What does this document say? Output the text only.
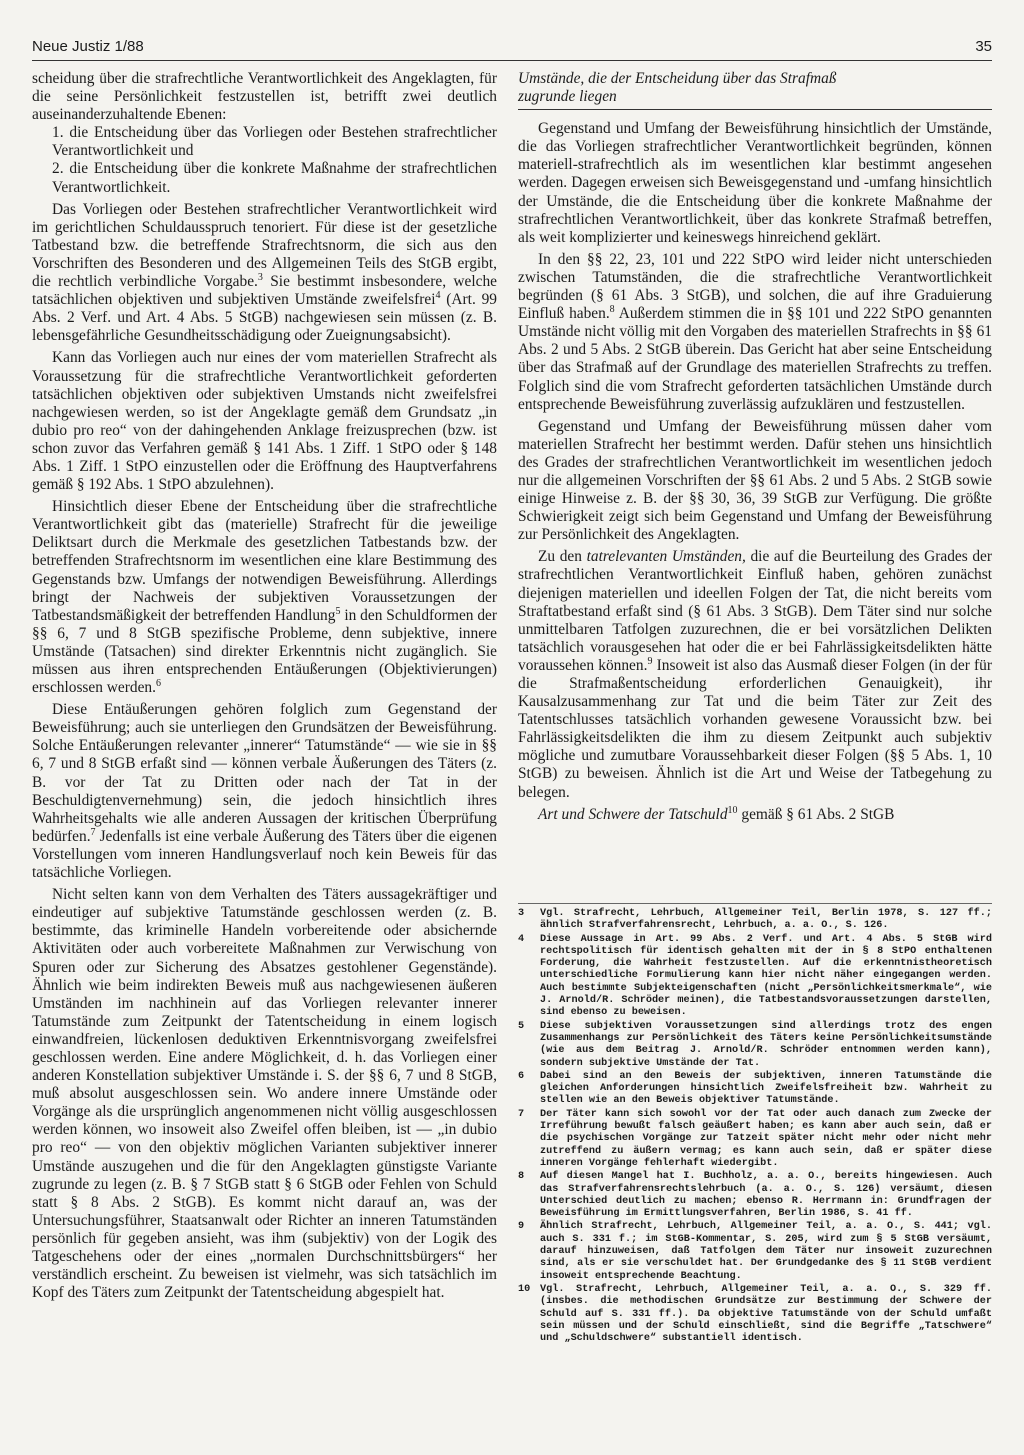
Neue Justiz 1/88	35

scheidung über die strafrechtliche Verantwortlichkeit des Angeklagten, für die seine Persönlichkeit festzustellen ist, betrifft zwei deutlich auseinanderzuhaltende Ebenen:

1. die Entscheidung über das Vorliegen oder Bestehen strafrechtlicher Verantwortlichkeit und

2. die Entscheidung über die konkrete Maßnahme der strafrechtlichen Verantwortlichkeit.

Das Vorliegen oder Bestehen strafrechtlicher Verantwortlichkeit wird im gerichtlichen Schuldausspruch tenoriert. Für diese ist der gesetzliche Tatbestand bzw. die betreffende Strafrechtsnorm, die sich aus den Vorschriften des Besonderen und des Allgemeinen Teils des StGB ergibt, die rechtlich verbindliche Vorgabe.$^3$ Sie bestimmt insbesondere, welche tatsächlichen objektiven und subjektiven Umstände zweifelsfrei$^4$ (Art. 99 Abs. 2 Verf. und Art. 4 Abs. 5 StGB) nachgewiesen sein müssen (z. B. lebensgefährliche Gesundheitsschädigung oder Zueignungsabsicht).

Kann das Vorliegen auch nur eines der vom materiellen Strafrecht als Voraussetzung für die strafrechtliche Verantwortlichkeit geforderten tatsächlichen objektiven oder subjektiven Umstands nicht zweifelsfrei nachgewiesen werden, so ist der Angeklagte gemäß dem Grundsatz „in dubio pro reo“ von der dahingehenden Anklage freizusprechen (bzw. ist schon zuvor das Verfahren gemäß § 141 Abs. 1 Ziff. 1 StPO oder § 148 Abs. 1 Ziff. 1 StPO einzustellen oder die Eröffnung des Hauptverfahrens gemäß § 192 Abs. 1 StPO abzulehnen).

Hinsichtlich dieser Ebene der Entscheidung über die strafrechtliche Verantwortlichkeit gibt das (materielle) Strafrecht für die jeweilige Deliktsart durch die Merkmale des gesetzlichen Tatbestands bzw. der betreffenden Strafrechtsnorm im wesentlichen eine klare Bestimmung des Gegenstands bzw. Umfangs der notwendigen Beweisführung. Allerdings bringt der Nachweis der subjektiven Voraussetzungen der Tatbestandsmäßigkeit der betreffenden Handlung$^5$ in den Schuldformen der §§ 6, 7 und 8 StGB spezifische Probleme, denn subjektive, innere Umstände (Tatsachen) sind direkter Erkenntnis nicht zugänglich. Sie müssen aus ihren entsprechenden Entäußerungen (Objektivierungen) erschlossen werden.$^6$

Diese Entäußerungen gehören folglich zum Gegenstand der Beweisführung; auch sie unterliegen den Grundsätzen der Beweisführung. Solche Entäußerungen relevanter „innerer“ Tatumstände“ — wie sie in §§ 6, 7 und 8 StGB erfaßt sind — können verbale Äußerungen des Täters (z. B. vor der Tat zu Dritten oder nach der Tat in der Beschuldigtenvernehmung) sein, die jedoch hinsichtlich ihres Wahrheitsgehalts wie alle anderen Aussagen der kritischen Überprüfung bedürfen.$^7$ Jedenfalls ist eine verbale Äußerung des Täters über die eigenen Vorstellungen vom inneren Handlungsverlauf noch kein Beweis für das tatsächliche Vorliegen.

Nicht selten kann von dem Verhalten des Täters aussagekräftiger und eindeutiger auf subjektive Tatumstände geschlossen werden (z. B. bestimmte, das kriminelle Handeln vorbereitende oder absichernde Aktivitäten oder auch vorbereitete Maßnahmen zur Verwischung von Spuren oder zur Sicherung des Absatzes gestohlener Gegenstände). Ähnlich wie beim indirekten Beweis muß aus nachgewiesenen äußeren Umständen im nachhinein auf das Vorliegen relevanter innerer Tatumstände zum Zeitpunkt der Tatentscheidung in einem logisch einwandfreien, lückenlosen deduktiven Erkenntnisvorgang zweifelsfrei geschlossen werden. Eine andere Möglichkeit, d. h. das Vorliegen einer anderen Konstellation subjektiver Umstände i. S. der §§ 6, 7 und 8 StGB, muß absolut ausgeschlossen sein. Wo andere innere Umstände oder Vorgänge als die ursprünglich angenommenen nicht völlig ausgeschlossen werden können, wo insoweit also Zweifel offen bleiben, ist — „in dubio pro reo“ — von den objektiv möglichen Varianten subjektiver innerer Umstände auszugehen und die für den Angeklagten günstigste Variante zugrunde zu legen (z. B. § 7 StGB statt § 6 StGB oder Fehlen von Schuld statt § 8 Abs. 2 StGB). Es kommt nicht darauf an, was der Untersuchungsführer, Staatsanwalt oder Richter an inneren Tatumständen persönlich für gegeben ansieht, was ihm (subjektiv) von der Logik des Tatgeschehens oder der eines „normalen Durchschnittsbürgers“ her verständlich erscheint. Zu beweisen ist vielmehr, was sich tatsächlich im Kopf des Täters zum Zeitpunkt der Tatentscheidung abgespielt hat.

Umstände, die der Entscheidung über das Strafmaß
zugrunde liegen

Gegenstand und Umfang der Beweisführung hinsichtlich der Umstände, die das Vorliegen strafrechtlicher Verantwortlichkeit begründen, können materiell-strafrechtlich als im wesentlichen klar bestimmt angesehen werden. Dagegen erweisen sich Beweisgegenstand und -umfang hinsichtlich der Umstände, die die Entscheidung über die konkrete Maßnahme der strafrechtlichen Verantwortlichkeit, über das konkrete Strafmaß betreffen, als weit komplizierter und keineswegs hinreichend geklärt.

In den §§ 22, 23, 101 und 222 StPO wird leider nicht unterschieden zwischen Tatumständen, die die strafrechtliche Verantwortlichkeit begründen (§ 61 Abs. 3 StGB), und solchen, die auf ihre Graduierung Einfluß haben.$^8$ Außerdem stimmen die in §§ 101 und 222 StPO genannten Umstände nicht völlig mit den Vorgaben des materiellen Strafrechts in §§ 61 Abs. 2 und 5 Abs. 2 StGB überein. Das Gericht hat aber seine Entscheidung über das Strafmaß auf der Grundlage des materiellen Strafrechts zu treffen. Folglich sind die vom Strafrecht geforderten tatsächlichen Umstände durch entsprechende Beweisführung zuverlässig aufzuklären und festzustellen.

Gegenstand und Umfang der Beweisführung müssen daher vom materiellen Strafrecht her bestimmt werden. Dafür stehen uns hinsichtlich des Grades der strafrechtlichen Verantwortlichkeit im wesentlichen jedoch nur die allgemeinen Vorschriften der §§ 61 Abs. 2 und 5 Abs. 2 StGB sowie einige Hinweise z. B. der §§ 30, 36, 39 StGB zur Verfügung. Die größte Schwierigkeit zeigt sich beim Gegenstand und Umfang der Beweisführung zur Persönlichkeit des Angeklagten.

Zu den tatrelevanten Umständen, die auf die Beurteilung des Grades der strafrechtlichen Verantwortlichkeit Einfluß haben, gehören zunächst diejenigen materiellen und ideellen Folgen der Tat, die nicht bereits vom Straftatbestand erfaßt sind (§ 61 Abs. 3 StGB). Dem Täter sind nur solche unmittelbaren Tatfolgen zuzurechnen, die er bei vorsätzlichen Delikten tatsächlich vorausgesehen hat oder die er bei Fahrlässigkeitsdelikten hätte voraussehen können.$^9$ Insoweit ist also das Ausmaß dieser Folgen (in der für die Strafmaßentscheidung erforderlichen Genauigkeit), ihr Kausalzusammenhang zur Tat und die beim Täter zur Zeit des Tatentschlusses tatsächlich vorhanden gewesene Voraussicht bzw. bei Fahrlässigkeitsdelikten die ihm zu diesem Zeitpunkt auch subjektiv mögliche und zumutbare Voraussehbarkeit dieser Folgen (§§ 5 Abs. 1, 10 StGB) zu beweisen. Ähnlich ist die Art und Weise der Tatbegehung zu belegen.

Art und Schwere der Tatschuld$^{10}$ gemäß § 61 Abs. 2 StGB

3	Vgl. Strafrecht, Lehrbuch, Allgemeiner Teil, Berlin 1978, S. 127 ff.; ähnlich Strafverfahrensrecht, Lehrbuch, a. a. O., S. 126.
4	Diese Aussage in Art. 99 Abs. 2 Verf. und Art. 4 Abs. 5 StGB wird rechtspolitisch für identisch gehalten mit der in § 8 StPO enthaltenen Forderung, die Wahrheit festzustellen. Auf die erkenntnistheoretisch unterschiedliche Formulierung kann hier nicht näher eingegangen werden. Auch bestimmte Subjekteigenschaften (nicht „Persönlichkeitsmerkmale“, wie J. Arnold/R. Schröder meinen), die Tatbestandsvoraussetzungen darstellen, sind ebenso zu beweisen.
5	Diese subjektiven Voraussetzungen sind allerdings trotz des engen Zusammenhangs zur Persönlichkeit des Täters keine Persönlichkeitsumstände (wie aus dem Beitrag J. Arnold/R. Schröder entnommen werden kann), sondern subjektive Umstände der Tat.
6	Dabei sind an den Beweis der subjektiven, inneren Tatumstände die gleichen Anforderungen hinsichtlich Zweifelsfreiheit bzw. Wahrheit zu stellen wie an den Beweis objektiver Tatumstände.
7	Der Täter kann sich sowohl vor der Tat oder auch danach zum Zwecke der Irreführung bewußt falsch geäußert haben; es kann aber auch sein, daß er die psychischen Vorgänge zur Tatzeit später nicht mehr oder nicht mehr zutreffend zu äußern vermag; es kann auch sein, daß er später diese inneren Vorgänge fehlerhaft wiedergibt.
8	Auf diesen Mangel hat I. Buchholz, a. a. O., bereits hingewiesen. Auch das Strafverfahrensrechtslehrbuch (a. a. O., S. 126) versäumt, diesen Unterschied deutlich zu machen; ebenso R. Herrmann in: Grundfragen der Beweisführung im Ermittlungsverfahren, Berlin 1986, S. 41 ff.
9	Ähnlich Strafrecht, Lehrbuch, Allgemeiner Teil, a. a. O., S. 441; vgl. auch S. 331 f.; im StGB-Kommentar, S. 205, wird zum § 5 StGB versäumt, darauf hinzuweisen, daß Tatfolgen dem Täter nur insoweit zuzurechnen sind, als er sie verschuldet hat. Der Grundgedanke des § 11 StGB verdient insoweit entsprechende Beachtung.
10 Vgl. Strafrecht, Lehrbuch, Allgemeiner Teil, a. a. O., S. 329 ff. (insbes. die methodischen Grundsätze zur Bestimmung der Schwere der Schuld auf S. 331 ff.). Da objektive Tatumstände von der Schuld umfaßt sein müssen und der Schuld einschließt, sind die Begriffe „Tatschwere“ und „Schuldschwere“ substantiell identisch.
